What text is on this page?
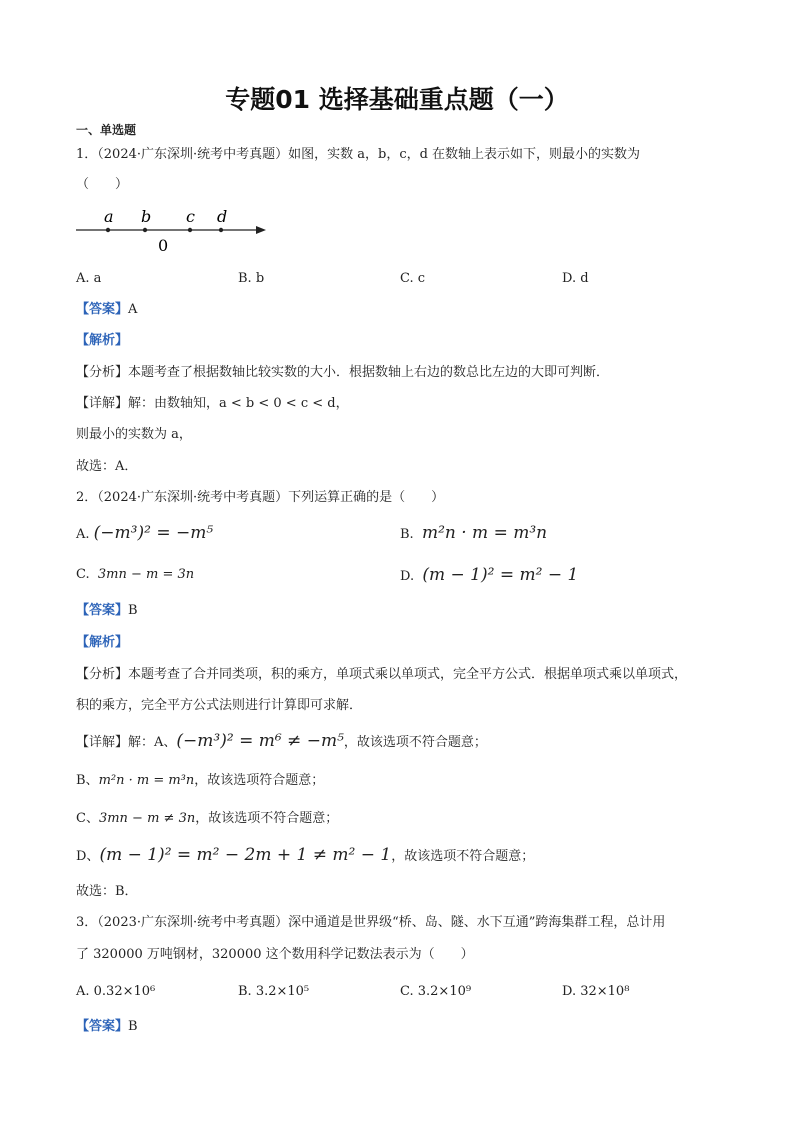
专题01 选择基础重点题（一）
一、单选题
1．（2024·广东深圳·统考中考真题）如图，实数 a，b，c，d 在数轴上表示如下，则最小的实数为
（　　）
a b c d
0
A. a	B. b	C. c	D. d
【答案】A
【解析】
【分析】本题考查了根据数轴比较实数的大小．根据数轴上右边的数总比左边的大即可判断．
【详解】解：由数轴知，a < b < 0 < c < d，
则最小的实数为 a，
故选：A．
2．（2024·广东深圳·统考中考真题）下列运算正确的是（　　）
A. (−m³)² = −m⁵	B. m²n · m = m³n
C. 3mn − m = 3n	D. (m − 1)² = m² − 1
【答案】B
【解析】
【分析】本题考查了合并同类项，积的乘方，单项式乘以单项式，完全平方公式．根据单项式乘以单项式，
积的乘方，完全平方公式法则进行计算即可求解．
【详解】解：A、(−m³)² = m⁶ ≠ −m⁵，故该选项不符合题意；
B、m²n · m = m³n，故该选项符合题意；
C、3mn − m ≠ 3n，故该选项不符合题意；
D、(m − 1)² = m² − 2m + 1 ≠ m² − 1，故该选项不符合题意；
故选：B．
3．（2023·广东深圳·统考中考真题）深中通道是世界级“桥、岛、隧、水下互通”跨海集群工程，总计用
了 320000 万吨钢材，320000 这个数用科学记数法表示为（　　）
A. 0.32×10⁶	B. 3.2×10⁵	C. 3.2×10⁹	D. 32×10⁸
【答案】B
